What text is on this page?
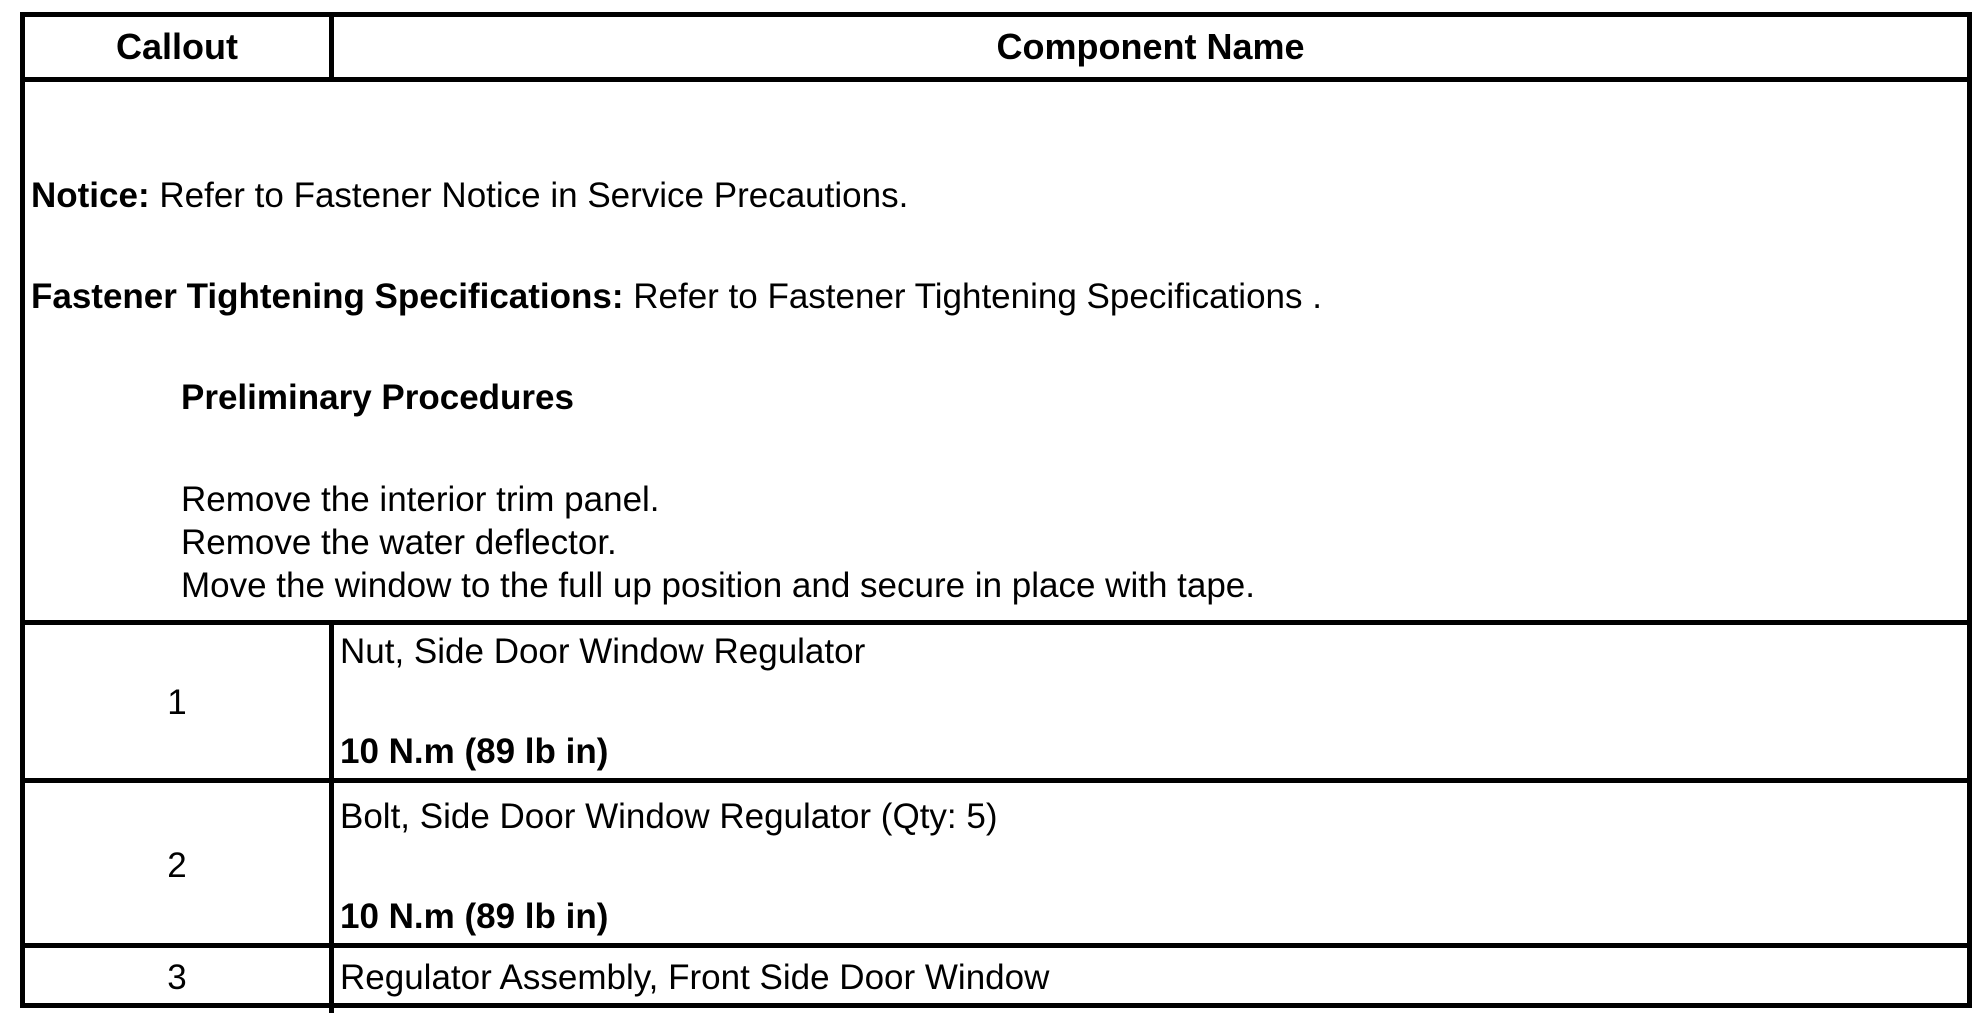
Callout	Component Name
Notice: Refer to Fastener Notice in Service Precautions.
Fastener Tightening Specifications: Refer to Fastener Tightening Specifications .
Preliminary Procedures
Remove the interior trim panel.
Remove the water deflector.
Move the window to the full up position and secure in place with tape.
1
Nut, Side Door Window Regulator
10 N.m (89 lb in)
2
Bolt, Side Door Window Regulator (Qty: 5)
10 N.m (89 lb in)
3	Regulator Assembly, Front Side Door Window
